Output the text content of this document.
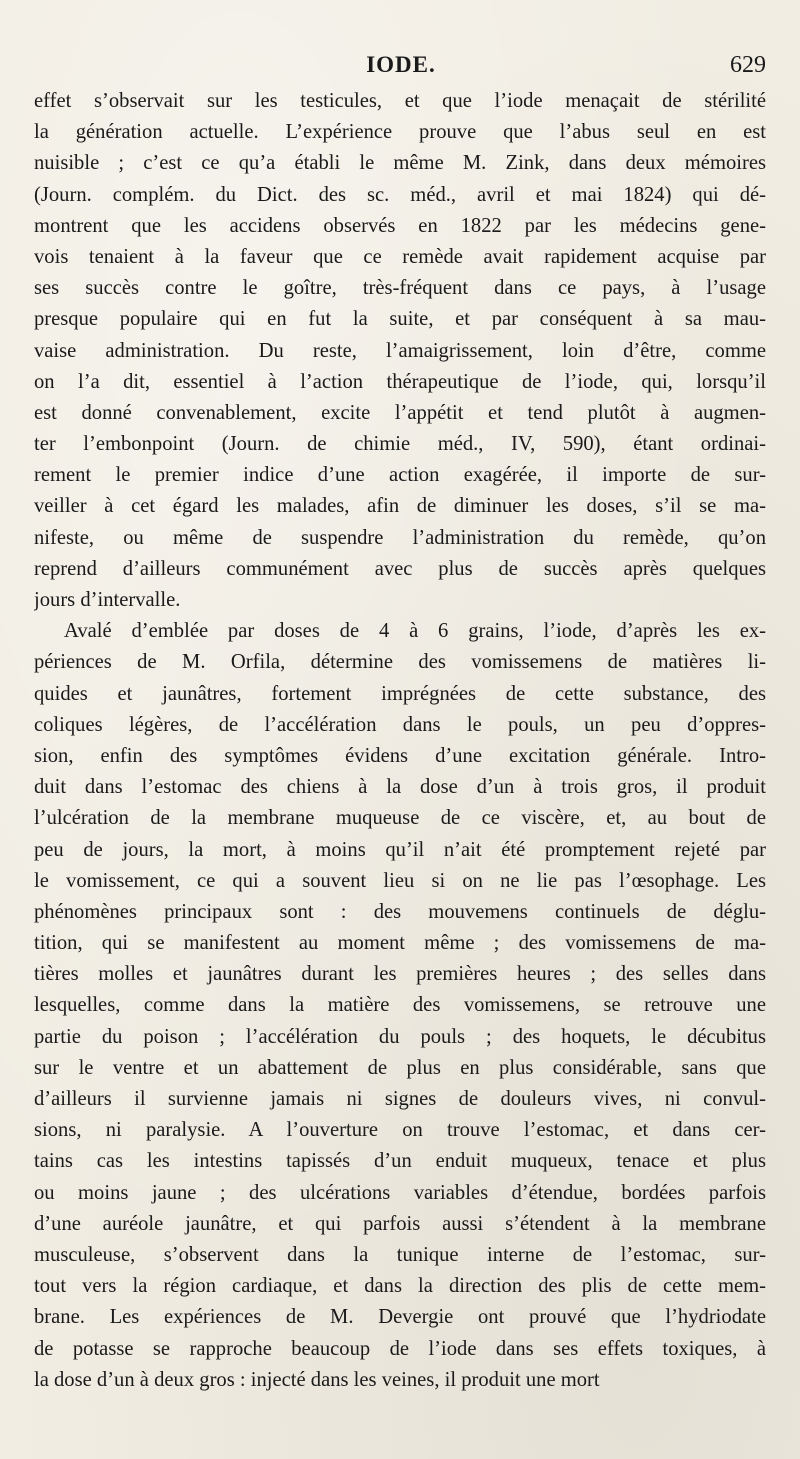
IODE.	629
effet s’observait sur les testicules, et que l’iode menaçait de stérilité
la génération actuelle. L’expérience prouve que l’abus seul en est
nuisible ; c’est ce qu’a établi le même M. Zink, dans deux mémoires
(Journ. complém. du Dict. des sc. méd., avril et mai 1824) qui dé-
montrent que les accidens observés en 1822 par les médecins gene-
vois tenaient à la faveur que ce remède avait rapidement acquise par
ses succès contre le goître, très-fréquent dans ce pays, à l’usage
presque populaire qui en fut la suite, et par conséquent à sa mau-
vaise administration. Du reste, l’amaigrissement, loin d’être, comme
on l’a dit, essentiel à l’action thérapeutique de l’iode, qui, lorsqu’il
est donné convenablement, excite l’appétit et tend plutôt à augmen-
ter l’embonpoint (Journ. de chimie méd., IV, 590), étant ordinai-
rement le premier indice d’une action exagérée, il importe de sur-
veiller à cet égard les malades, afin de diminuer les doses, s’il se ma-
nifeste, ou même de suspendre l’administration du remède, qu’on
reprend d’ailleurs communément avec plus de succès après quelques
jours d’intervalle.
Avalé d’emblée par doses de 4 à 6 grains, l’iode, d’après les ex-
périences de M. Orfila, détermine des vomissemens de matières li-
quides et jaunâtres, fortement imprégnées de cette substance, des
coliques légères, de l’accélération dans le pouls, un peu d’oppres-
sion, enfin des symptômes évidens d’une excitation générale. Intro-
duit dans l’estomac des chiens à la dose d’un à trois gros, il produit
l’ulcération de la membrane muqueuse de ce viscère, et, au bout de
peu de jours, la mort, à moins qu’il n’ait été promptement rejeté par
le vomissement, ce qui a souvent lieu si on ne lie pas l’œsophage. Les
phénomènes principaux sont : des mouvemens continuels de déglu-
tition, qui se manifestent au moment même ; des vomissemens de ma-
tières molles et jaunâtres durant les premières heures ; des selles dans
lesquelles, comme dans la matière des vomissemens, se retrouve une
partie du poison ; l’accélération du pouls ; des hoquets, le décubitus
sur le ventre et un abattement de plus en plus considérable, sans que
d’ailleurs il survienne jamais ni signes de douleurs vives, ni convul-
sions, ni paralysie. A l’ouverture on trouve l’estomac, et dans cer-
tains cas les intestins tapissés d’un enduit muqueux, tenace et plus
ou moins jaune ; des ulcérations variables d’étendue, bordées parfois
d’une auréole jaunâtre, et qui parfois aussi s’étendent à la membrane
musculeuse, s’observent dans la tunique interne de l’estomac, sur-
tout vers la région cardiaque, et dans la direction des plis de cette mem-
brane. Les expériences de M. Devergie ont prouvé que l’hydriodate
de potasse se rapproche beaucoup de l’iode dans ses effets toxiques, à
la dose d’un à deux gros : injecté dans les veines, il produit une mort
